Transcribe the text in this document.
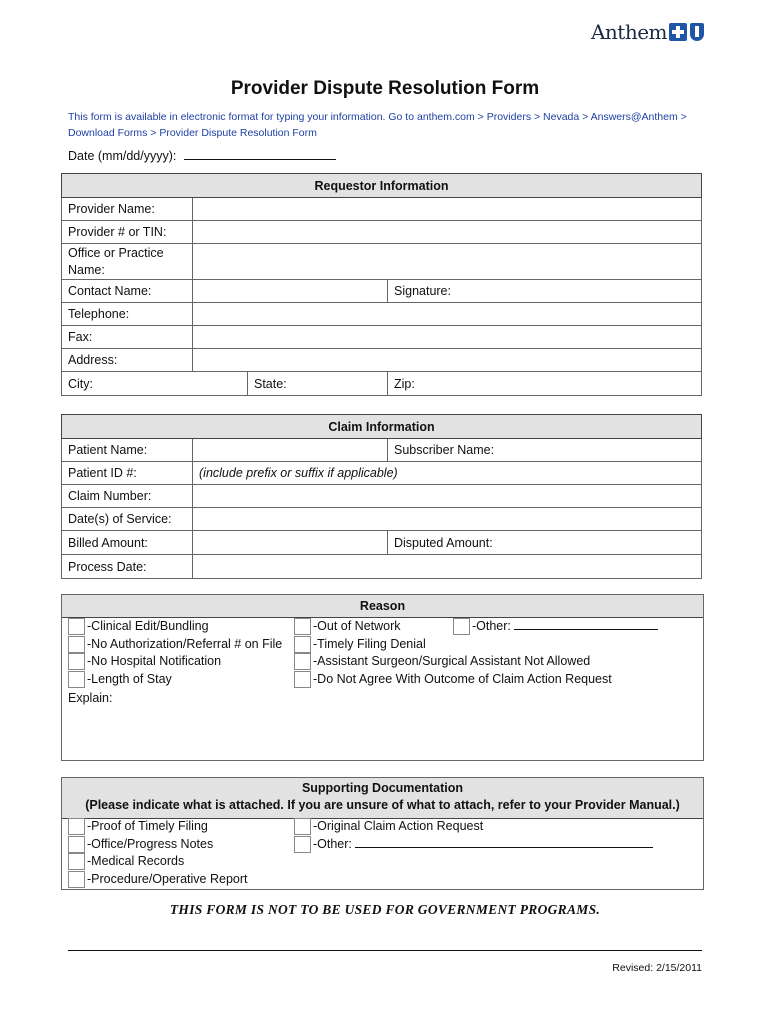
Anthem
Provider Dispute Resolution Form
This form is available in electronic format for typing your information. Go to anthem.com > Providers > Nevada > Answers@Anthem >
Download Forms > Provider Dispute Resolution Form
Date (mm/dd/yyyy):
Requestor Information			
Provider Name:			
Provider # or TIN:			

Office or Practice
Name:			

Contact Name:			Signature:
Telephone:			
Fax:			
Address:			
City:		State:	Zip:
Claim Information		
Patient Name:		Subscriber Name:
Patient ID #:	(include prefix or suffix if applicable)	
Claim Number:		
Date(s) of Service:		
Billed Amount:		Disputed Amount:
Process Date:		
Reason
-Clinical Edit/Bundling
-No Authorization/Referral # on File
-No Hospital Notification
-Length of Stay
-Out of Network
-Timely Filing Denial
-Assistant Surgeon/Surgical Assistant Not Allowed
-Do Not Agree With Outcome of Claim Action Request
-Other:
Explain:
Supporting Documentation
(Please indicate what is attached. If you are unsure of what to attach, refer to your Provider Manual.)
-Proof of Timely Filing
-Office/Progress Notes
-Medical Records
-Procedure/Operative Report
-Original Claim Action Request
-Other:
THIS FORM IS NOT TO BE USED FOR GOVERNMENT PROGRAMS.
Revised: 2/15/2011
